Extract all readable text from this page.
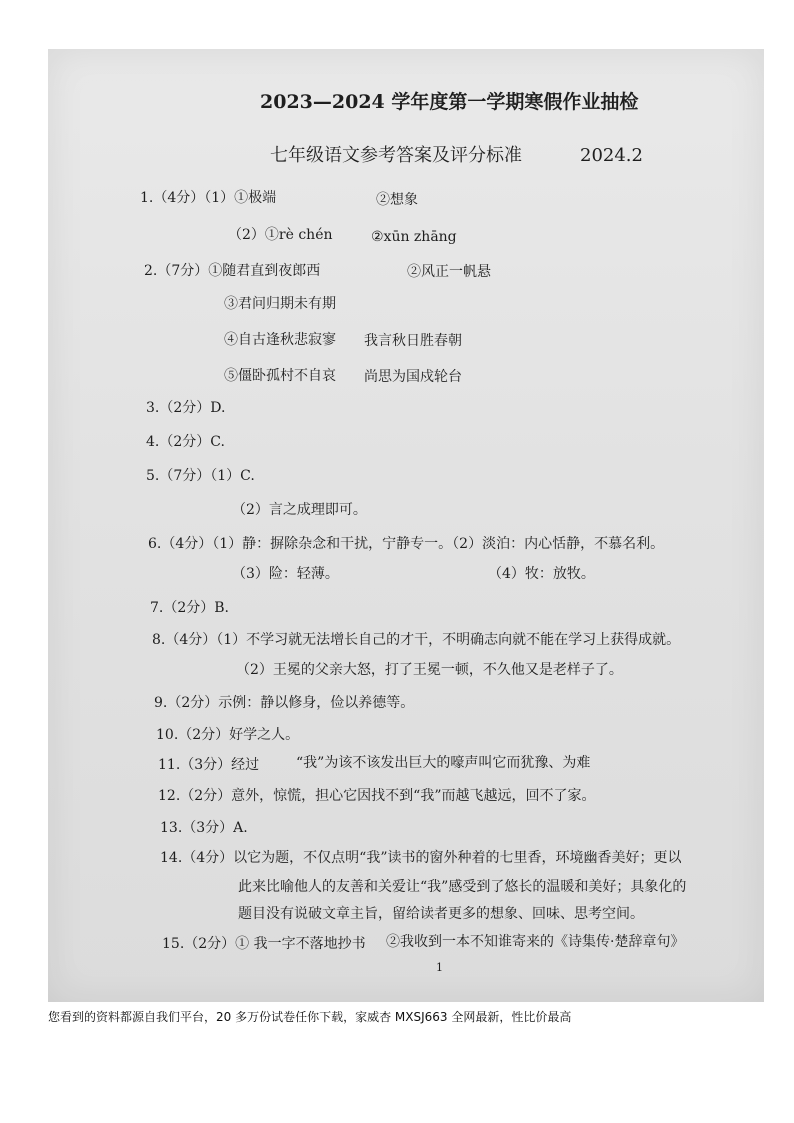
2023—2024 学年度第一学期寒假作业抽检
七年级语文参考答案及评分标准	2024.2
1.（4分）（1）①极端	②想象
（2）①rè chén	②xūn zhāng
2.（7分）①随君直到夜郎西	②风正一帆悬
③君问归期未有期
④自古逢秋悲寂寥 我言秋日胜春朝
⑤僵卧孤村不自哀 尚思为国戍轮台
3.（2分）D.
4.（2分）C.
5.（7分）（1）C.
（2）言之成理即可。
6.（4分）（1）静：摒除杂念和干扰，宁静专一。（2）淡泊：内心恬静，不慕名利。
（3）险：轻薄。	（4）牧：放牧。
7.（2分）B.
8.（4分）（1）不学习就无法增长自己的才干，不明确志向就不能在学习上获得成就。
（2）王冕的父亲大怒，打了王冕一顿，不久他又是老样子了。
9.（2分）示例：静以修身，俭以养德等。
10.（2分）好学之人。
11.（3分）经过	“我”为该不该发出巨大的嚎声叫它而犹豫、为难
12.（2分）意外，惊慌，担心它因找不到“我”而越飞越远，回不了家。
13.（3分）A.
14.（4分）以它为题，不仅点明“我”读书的窗外种着的七里香，环境幽香美好；更以
此来比喻他人的友善和关爱让“我”感受到了悠长的温暖和美好；具象化的
题目没有说破文章主旨，留给读者更多的想象、回味、思考空间。
15.（2分）① 我一字不落地抄书 ②我收到一本不知谁寄来的《诗集传·楚辞章句》
1
您看到的资料都源自我们平台，20 多万份试卷任你下载，家威杏 MXSJ663 全网最新，性比价最高
